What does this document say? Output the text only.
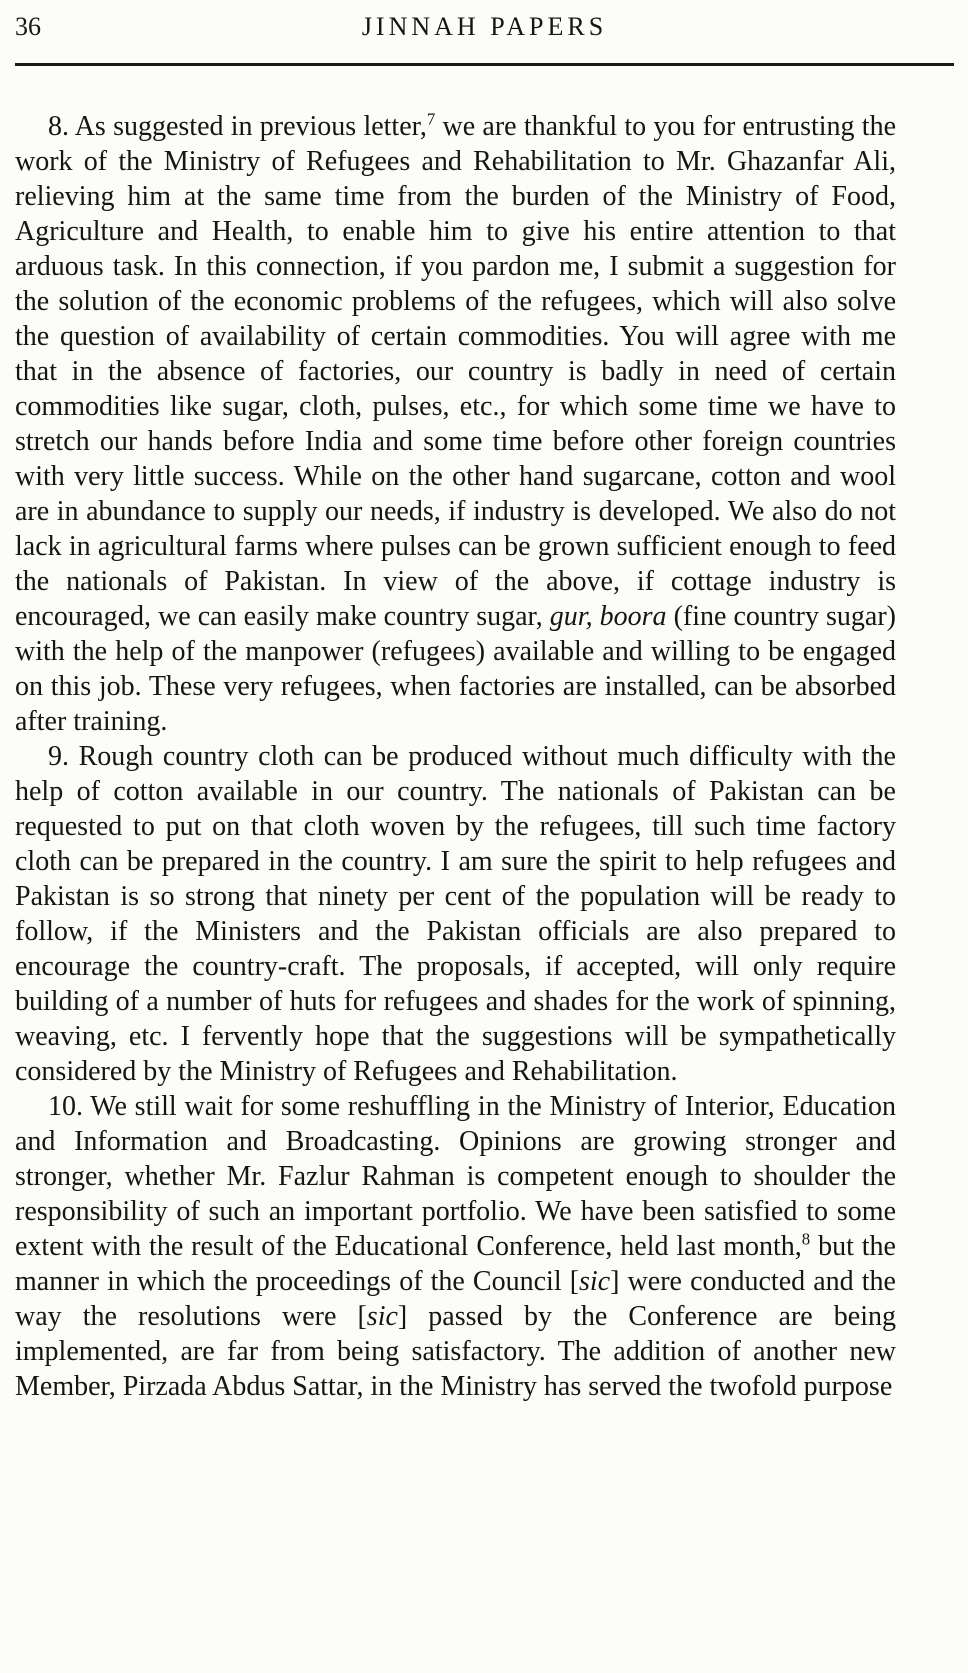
36	JINNAH PAPERS

8. As suggested in previous letter,$^7$ we are thankful to you for entrusting the work of the Ministry of Refugees and Rehabilitation to Mr. Ghazanfar Ali, relieving him at the same time from the burden of the Ministry of Food, Agriculture and Health, to enable him to give his entire attention to that arduous task. In this connection, if you pardon me, I submit a suggestion for the solution of the economic problems of the refugees, which will also solve the question of availability of certain commodities. You will agree with me that in the absence of factories, our country is badly in need of certain commodities like sugar, cloth, pulses, etc., for which some time we have to stretch our hands before India and some time before other foreign countries with very little success. While on the other hand sugarcane, cotton and wool are in abundance to supply our needs, if industry is developed. We also do not lack in agricultural farms where pulses can be grown sufficient enough to feed the nationals of Pakistan. In view of the above, if cottage industry is encouraged, we can easily make country sugar, gur, boora (fine country sugar) with the help of the manpower (refugees) available and willing to be engaged on this job. These very refugees, when factories are installed, can be absorbed after training.

9. Rough country cloth can be produced without much difficulty with the help of cotton available in our country. The nationals of Pakistan can be requested to put on that cloth woven by the refugees, till such time factory cloth can be prepared in the country. I am sure the spirit to help refugees and Pakistan is so strong that ninety per cent of the population will be ready to follow, if the Ministers and the Pakistan officials are also prepared to encourage the country-craft. The proposals, if accepted, will only require building of a number of huts for refugees and shades for the work of spinning, weaving, etc. I fervently hope that the suggestions will be sympathetically considered by the Ministry of Refugees and Rehabilitation.

10. We still wait for some reshuffling in the Ministry of Interior, Education and Information and Broadcasting. Opinions are growing stronger and stronger, whether Mr. Fazlur Rahman is competent enough to shoulder the responsibility of such an important portfolio. We have been satisfied to some extent with the result of the Educational Conference, held last month,$^8$ but the manner in which the proceedings of the Council [sic] were conducted and the way the resolutions were [sic] passed by the Conference are being implemented, are far from being satisfactory. The addition of another new Member, Pirzada Abdus Sattar, in the Ministry has served the twofold purpose
